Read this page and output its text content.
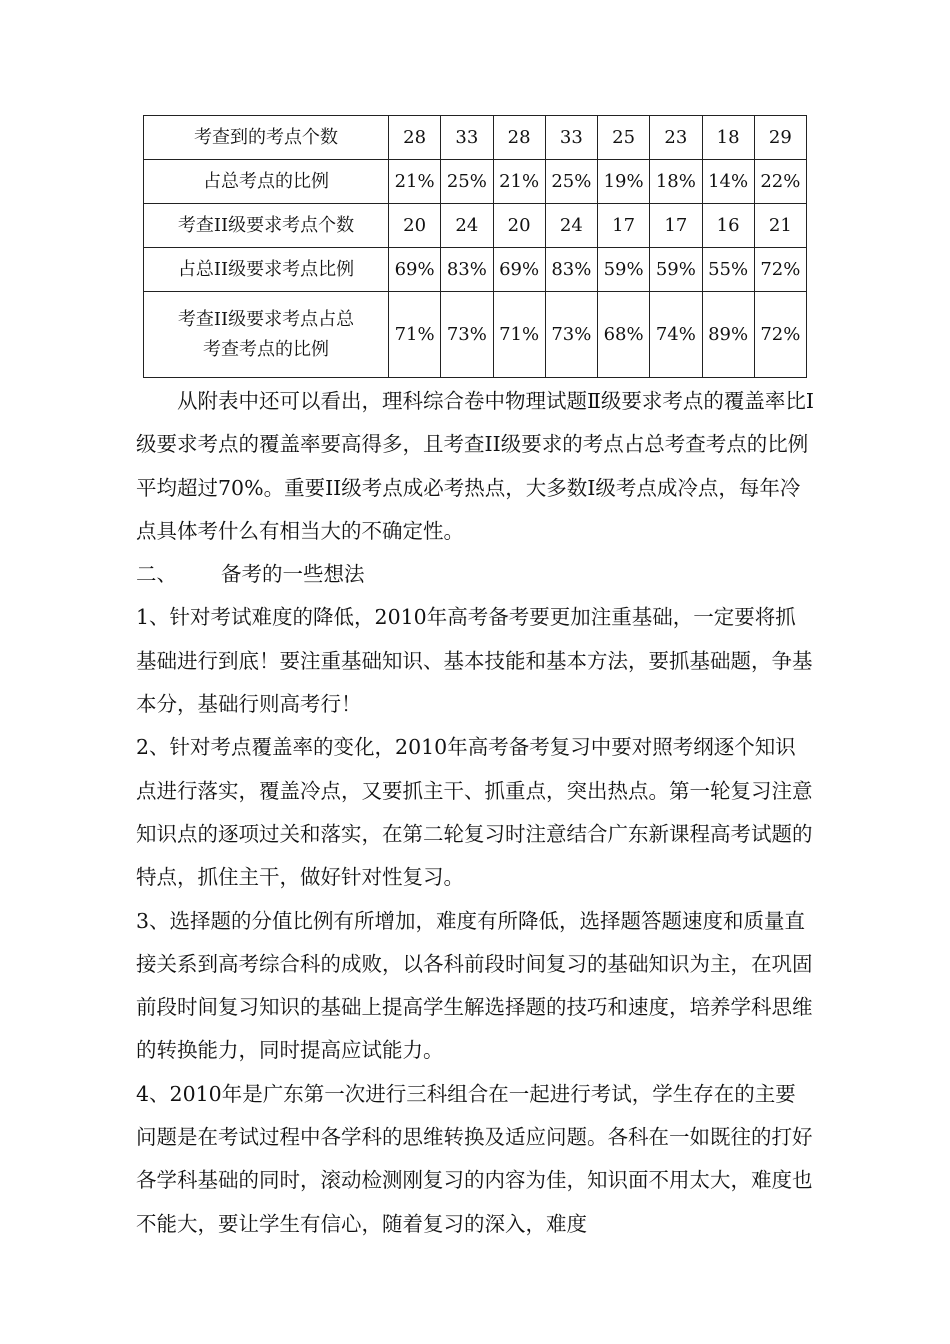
考查到的考点个数	28	33	28	33	25	23	18	29
占总考点的比例	21%	25%	21%	25%	19%	18%	14%	22%
考查II级要求考点个数	20	24	20	24	17	17	16	21
占总II级要求考点比例	69%	83%	69%	83%	59%	59%	55%	72%

考查II级要求考点占总
考查考点的比例	71%	73%	71%	73%	68%	74%	89%	72%

从附表中还可以看出，理科综合卷中物理试题Ⅱ级要求考点的覆盖率比Ⅰ级要求考点的覆盖率要高得多，且考查II级要求的考点占总考查考点的比例平均超过70%。重要II级考点成必考热点，大多数Ⅰ级考点成冷点，每年冷点具体考什么有相当大的不确定性。

二、 备考的一些想法

1、针对考试难度的降低，2010年高考备考要更加注重基础，一定要将抓基础进行到底！要注重基础知识、基本技能和基本方法，要抓基础题，争基本分，基础行则高考行！

2、针对考点覆盖率的变化，2010年高考备考复习中要对照考纲逐个知识点进行落实，覆盖冷点，又要抓主干、抓重点，突出热点。第一轮复习注意知识点的逐项过关和落实，在第二轮复习时注意结合广东新课程高考试题的特点，抓住主干，做好针对性复习。

3、选择题的分值比例有所增加，难度有所降低，选择题答题速度和质量直接关系到高考综合科的成败，以各科前段时间复习的基础知识为主，在巩固前段时间复习知识的基础上提高学生解选择题的技巧和速度，培养学科思维的转换能力，同时提高应试能力。

4、2010年是广东第一次进行三科组合在一起进行考试，学生存在的主要问题是在考试过程中各学科的思维转换及适应问题。各科在一如既往的打好各学科基础的同时，滚动检测刚复习的内容为佳，知识面不用太大，难度也不能大，要让学生有信心，随着复习的深入，难度
